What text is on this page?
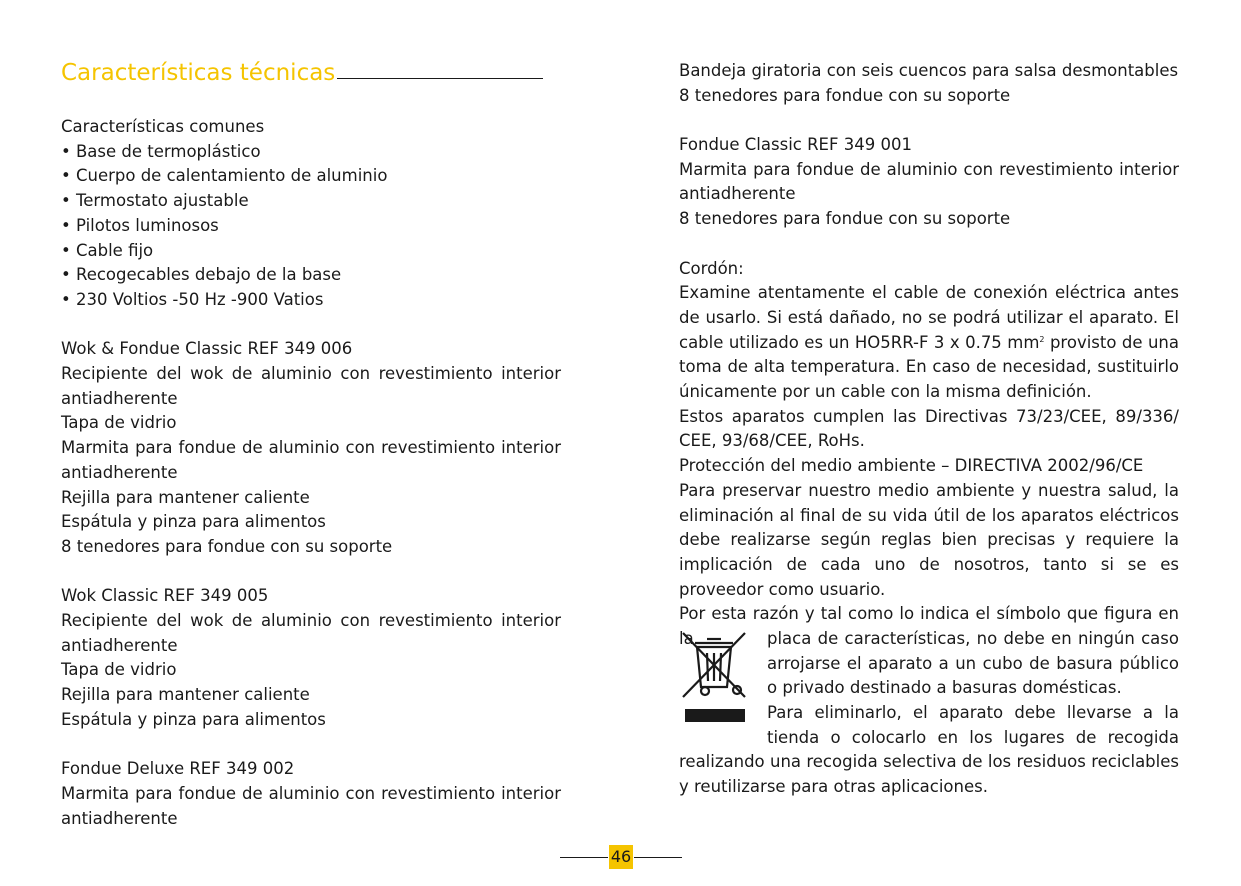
Características técnicas
Características comunes
• Base de termoplástico
• Cuerpo de calentamiento de aluminio
• Termostato ajustable
• Pilotos luminosos
• Cable fijo
• Recogecables debajo de la base
• 230 Voltios -50 Hz -900 Vatios
Wok & Fondue Classic REF 349 006
Recipiente del wok de aluminio con revestimiento interior
antiadherente
Tapa de vidrio
Marmita para fondue de aluminio con revestimiento interior
antiadherente
Rejilla para mantener caliente
Espátula y pinza para alimentos
8 tenedores para fondue con su soporte
Wok Classic REF 349 005
Recipiente del wok de aluminio con revestimiento interior
antiadherente
Tapa de vidrio
Rejilla para mantener caliente
Espátula y pinza para alimentos
Fondue Deluxe REF 349 002
Marmita para fondue de aluminio con revestimiento interior
antiadherente
Bandeja giratoria con seis cuencos para salsa desmontables
8 tenedores para fondue con su soporte
Fondue Classic REF 349 001
Marmita para fondue de aluminio con revestimiento interior
antiadherente
8 tenedores para fondue con su soporte
Cordón:
Examine atentamente el cable de conexión eléctrica antes
de usarlo. Si está dañado, no se podrá utilizar el aparato. El
cable utilizado es un HO5RR-F 3 x 0.75 $mm^2$ provisto de una
toma de alta temperatura. En caso de necesidad, sustituirlo
únicamente por un cable con la misma definición.
Estos aparatos cumplen las Directivas 73/23/CEE, 89/336/
CEE, 93/68/CEE, RoHs.
Protección del medio ambiente – DIRECTIVA 2002/96/CE
Para preservar nuestro medio ambiente y nuestra salud, la
eliminación al final de su vida útil de los aparatos eléctricos
debe realizarse según reglas bien precisas y requiere la
implicación de cada uno de nosotros, tanto si se es
proveedor como usuario.
Por esta razón y tal como lo indica el símbolo que figura en la	placa de características, no debe en ningún caso
arrojarse el aparato a un cubo de basura público
o privado destinado a basuras domésticas.
Para eliminarlo, el aparato debe llevarse a la
tienda o colocarlo en los lugares de recogida
realizando una recogida selectiva de los residuos reciclables
y reutilizarse para otras aplicaciones.
46
